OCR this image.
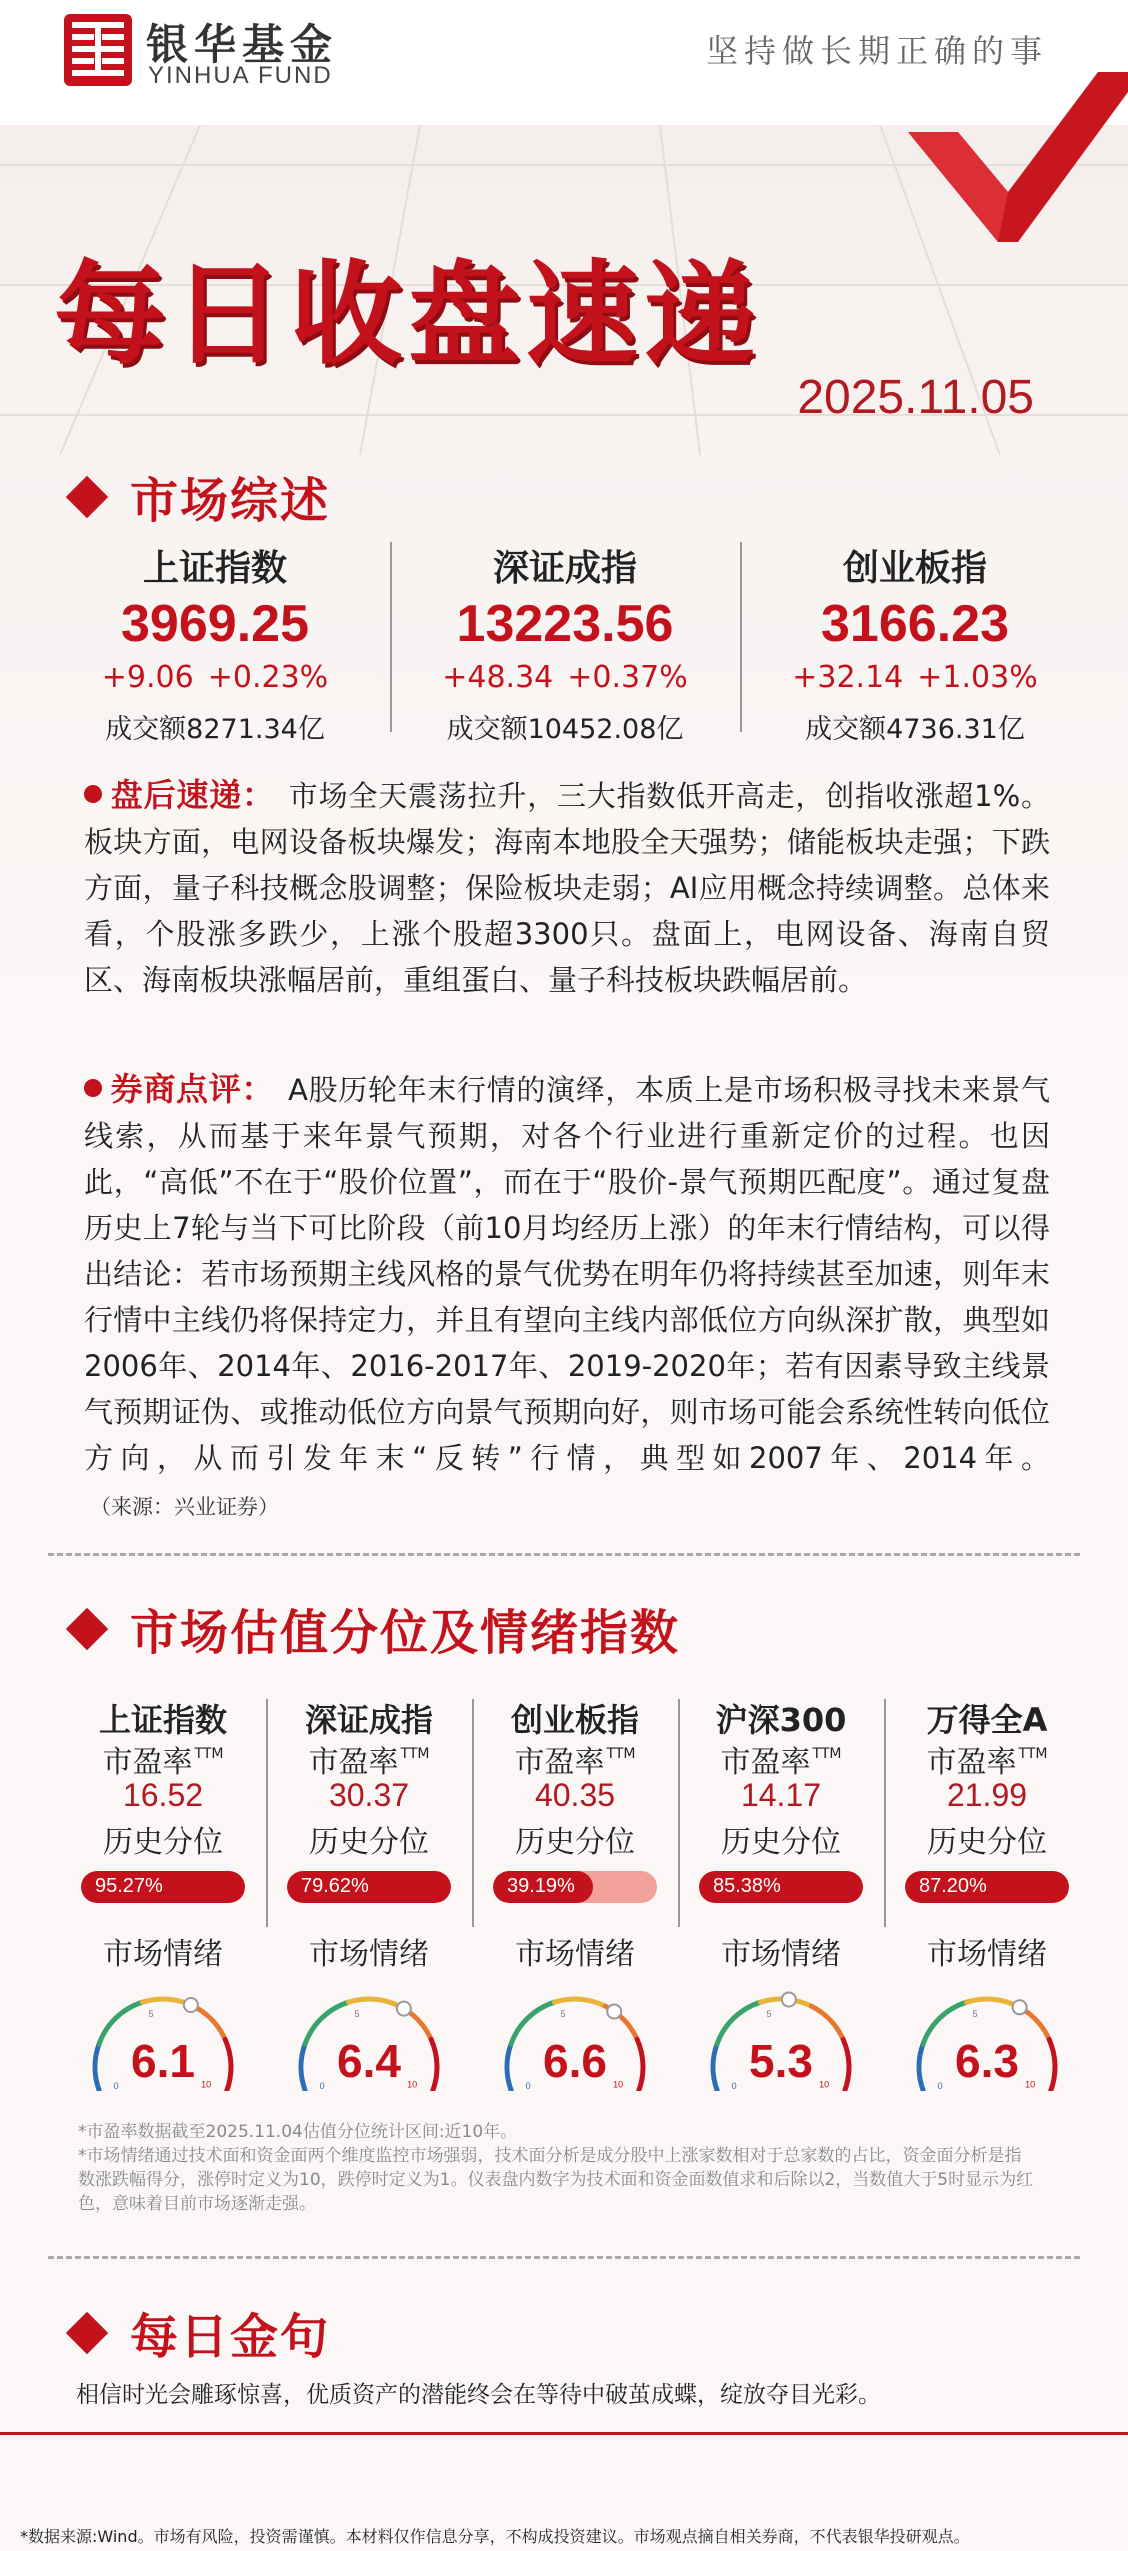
银华基金
YINHUA FUND
坚持做长期正确的事
每日收盘速递
2025.11.05
市场综述
上证指数
3969.25
+9.06 +0.23%
成交额8271.34亿
深证成指
13223.56
+48.34 +0.37%
成交额10452.08亿
创业板指
3166.23
+32.14 +1.03%
成交额4736.31亿
盘后速递： 市场全天震荡拉升，三大指数低开高走，创指收涨超1%。板块方面，电网设备板块爆发；海南本地股全天强势；储能板块走强；下跌方面，量子科技概念股调整；保险板块走弱；AI应用概念持续调整。总体来看，个股涨多跌少，上涨个股超3300只。盘面上，电网设备、海南自贸区、海南板块涨幅居前，重组蛋白、量子科技板块跌幅居前。
券商点评： A股历轮年末行情的演绎，本质上是市场积极寻找未来景气线索，从而基于来年景气预期，对各个行业进行重新定价的过程。也因此，“高低”不在于“股价位置”，而在于“股价-景气预期匹配度”。通过复盘历史上7轮与当下可比阶段（前10月均经历上涨）的年末行情结构，可以得出结论：若市场预期主线风格的景气优势在明年仍将持续甚至加速，则年末行情中主线仍将保持定力，并且有望向主线内部低位方向纵深扩散，典型如2006年、2014年、2016-2017年、2019-2020年；若有因素导致主线景气预期证伪、或推动低位方向景气预期向好，则市场可能会系统性转向低位方向，从而引发年末“反转”行情，典型如2007年、2014年。（来源：兴业证券）
市场估值分位及情绪指数
上证指数
市盈率 $^{TTM}$
16.52
历史分位
95.27%
市场情绪
0
5
10
6.1
深证成指
市盈率 $^{TTM}$
30.37
历史分位
79.62%
市场情绪
0
5
10
6.4
创业板指
市盈率 $^{TTM}$
40.35
历史分位
39.19%
市场情绪
0
5
10
6.6
沪深300
市盈率 $^{TTM}$
14.17
历史分位
85.38%
市场情绪
0
5
10
5.3
万得全A
市盈率 $^{TTM}$
21.99
历史分位
87.20%
市场情绪
0
5
10
6.3
*市盈率数据截至2025.11.04估值分位统计区间:近10年。
*市场情绪通过技术面和资金面两个维度监控市场强弱，技术面分析是成分股中上涨家数相对于总家数的占比，资金面分析是指数涨跌幅得分，涨停时定义为10，跌停时定义为1。仪表盘内数字为技术面和资金面数值求和后除以2，当数值大于5时显示为红色，意味着目前市场逐渐走强。
每日金句
相信时光会雕琢惊喜，优质资产的潜能终会在等待中破茧成蝶，绽放夺目光彩。
*数据来源:Wind。市场有风险，投资需谨慎。本材料仅作信息分享，不构成投资建议。市场观点摘自相关券商，不代表银华投研观点。
